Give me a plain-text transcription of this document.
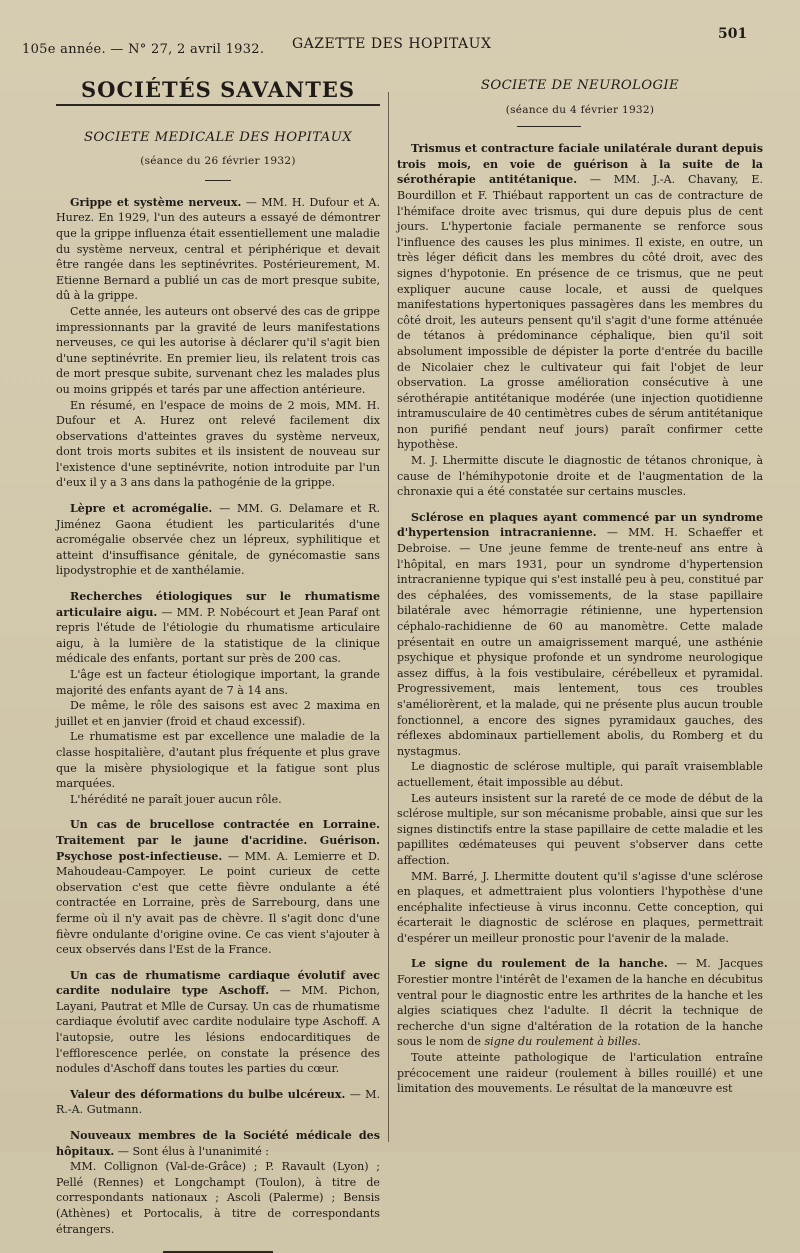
105e année. — N° 27, 2 avril 1932. GAZETTE DES HOPITAUX
501
SOCIÉTÉS SAVANTES
SOCIETE MEDICALE DES HOPITAUX
(séance du 26 février 1932)

Grippe et système nerveux. — MM. H. Dufour et A. Hurez. En 1929, l'un des auteurs a essayé de démontrer que la grippe influenza était essentiellement une maladie du système nerveux, central et périphérique et devait être rangée dans les septinévrites. Postérieurement, M. Etienne Bernard a publié un cas de mort presque subite, dû à la grippe.

Cette année, les auteurs ont observé des cas de grippe impressionnants par la gravité de leurs manifestations nerveuses, ce qui les autorise à déclarer qu'il s'agit bien d'une septinévrite. En premier lieu, ils relatent trois cas de mort presque subite, survenant chez les malades plus ou moins grippés et tarés par une affection antérieure.

En résumé, en l'espace de moins de 2 mois, MM. H. Dufour et A. Hurez ont relevé facilement dix observations d'atteintes graves du système nerveux, dont trois morts subites et ils insistent de nouveau sur l'existence d'une septinévrite, notion introduite par l'un d'eux il y a 3 ans dans la pathogénie de la grippe.

Lèpre et acromégalie. — MM. G. Delamare et R. Jiménez Gaona étudient les particularités d'une acromégalie observée chez un lépreux, syphilitique et atteint d'insuffisance génitale, de gynécomastie sans lipodystrophie et de xanthélamie.

Recherches étiologiques sur le rhumatisme articulaire aigu. — MM. P. Nobécourt et Jean Paraf ont repris l'étude de l'étiologie du rhumatisme articulaire aigu, à la lumière de la statistique de la clinique médicale des enfants, portant sur près de 200 cas.

L'âge est un facteur étiologique important, la grande majorité des enfants ayant de 7 à 14 ans.

De même, le rôle des saisons est avec 2 maxima en juillet et en janvier (froid et chaud excessif).

Le rhumatisme est par excellence une maladie de la classe hospitalière, d'autant plus fréquente et plus grave que la misère physiologique et la fatigue sont plus marquées.

L'hérédité ne paraît jouer aucun rôle.

Un cas de brucellose contractée en Lorraine. Traitement par le jaune d'acridine. Guérison. Psychose post-infectieuse. — MM. A. Lemierre et D. Mahoudeau-Campoyer. Le point curieux de cette observation c'est que cette fièvre ondulante a été contractée en Lorraine, près de Sarrebourg, dans une ferme où il n'y avait pas de chèvre. Il s'agit donc d'une fièvre ondulante d'origine ovine. Ce cas vient s'ajouter à ceux observés dans l'Est de la France.

Un cas de rhumatisme cardiaque évolutif avec cardite nodulaire type Aschoff. — MM. Pichon, Layani, Pautrat et Mlle de Cursay. Un cas de rhumatisme cardiaque évolutif avec cardite nodulaire type Aschoff. A l'autopsie, outre les lésions endocarditiques de l'efflorescence perlée, on constate la présence des nodules d'Aschoff dans toutes les parties du cœur.

Valeur des déformations du bulbe ulcéreux. — M. R.-A. Gutmann.

Nouveaux membres de la Société médicale des hôpitaux. — Sont élus à l'unanimité :

MM. Collignon (Val-de-Grâce) ; P. Ravault (Lyon) ; Pellé (Rennes) et Longchampt (Toulon), à titre de correspondants nationaux ; Ascoli (Palerme) ; Bensis (Athènes) et Portocalis, à titre de correspondants étrangers.

SOCIETE DE NEUROLOGIE
(séance du 4 février 1932)

Trismus et contracture faciale unilatérale durant depuis trois mois, en voie de guérison à la suite de la sérothérapie antitétanique. — MM. J.-A. Chavany, E. Bourdillon et F. Thiébaut rapportent un cas de contracture de l'hémiface droite avec trismus, qui dure depuis plus de cent jours. L'hypertonie faciale permanente se renforce sous l'influence des causes les plus minimes. Il existe, en outre, un très léger déficit dans les membres du côté droit, avec des signes d'hypotonie. En présence de ce trismus, que ne peut expliquer aucune cause locale, et aussi de quelques manifestations hypertoniques passagères dans les membres du côté droit, les auteurs pensent qu'il s'agit d'une forme atténuée de tétanos à prédominance céphalique, bien qu'il soit absolument impossible de dépister la porte d'entrée du bacille de Nicolaier chez le cultivateur qui fait l'objet de leur observation. La grosse amélioration consécutive à une sérothérapie antitétanique modérée (une injection quotidienne intramusculaire de 40 centimètres cubes de sérum antitétanique non purifié pendant neuf jours) paraît confirmer cette hypothèse.

M. J. Lhermitte discute le diagnostic de tétanos chronique, à cause de l'hémihypotonie droite et de l'augmentation de la chronaxie qui a été constatée sur certains muscles.

Sclérose en plaques ayant commencé par un syndrome d'hypertension intracranienne. — MM. H. Schaeffer et Debroise. — Une jeune femme de trente-neuf ans entre à l'hôpital, en mars 1931, pour un syndrome d'hypertension intracranienne typique qui s'est installé peu à peu, constitué par des céphalées, des vomissements, de la stase papillaire bilatérale avec hémorragie rétinienne, une hypertension céphalo-rachidienne de 60 au manomètre. Cette malade présentait en outre un amaigrissement marqué, une asthénie psychique et physique profonde et un syndrome neurologique assez diffus, à la fois vestibulaire, cérébelleux et pyramidal. Progressivement, mais lentement, tous ces troubles s'améliorèrent, et la malade, qui ne présente plus aucun trouble fonctionnel, a encore des signes pyramidaux gauches, des réflexes abdominaux partiellement abolis, du Romberg et du nystagmus.

Le diagnostic de sclérose multiple, qui paraît vraisemblable actuellement, était impossible au début.

Les auteurs insistent sur la rareté de ce mode de début de la sclérose multiple, sur son mécanisme probable, ainsi que sur les signes distinctifs entre la stase papillaire de cette maladie et les papillites œdémateuses qui peuvent s'observer dans cette affection.

MM. Barré, J. Lhermitte doutent qu'il s'agisse d'une sclérose en plaques, et admettraient plus volontiers l'hypothèse d'une encéphalite infectieuse à virus inconnu. Cette conception, qui écarterait le diagnostic de sclérose en plaques, permettrait d'espérer un meilleur pronostic pour l'avenir de la malade.

Le signe du roulement de la hanche. — M. Jacques Forestier montre l'intérêt de l'examen de la hanche en décubitus ventral pour le diagnostic entre les arthrites de la hanche et les algies sciatiques chez l'adulte. Il décrit la technique de recherche d'un signe d'altération de la rotation de la hanche sous le nom de signe du roulement à billes.

Toute atteinte pathologique de l'articulation entraîne précocement une raideur (roulement à billes rouillé) et une limitation des mouvements. Le résultat de la manœuvre est
